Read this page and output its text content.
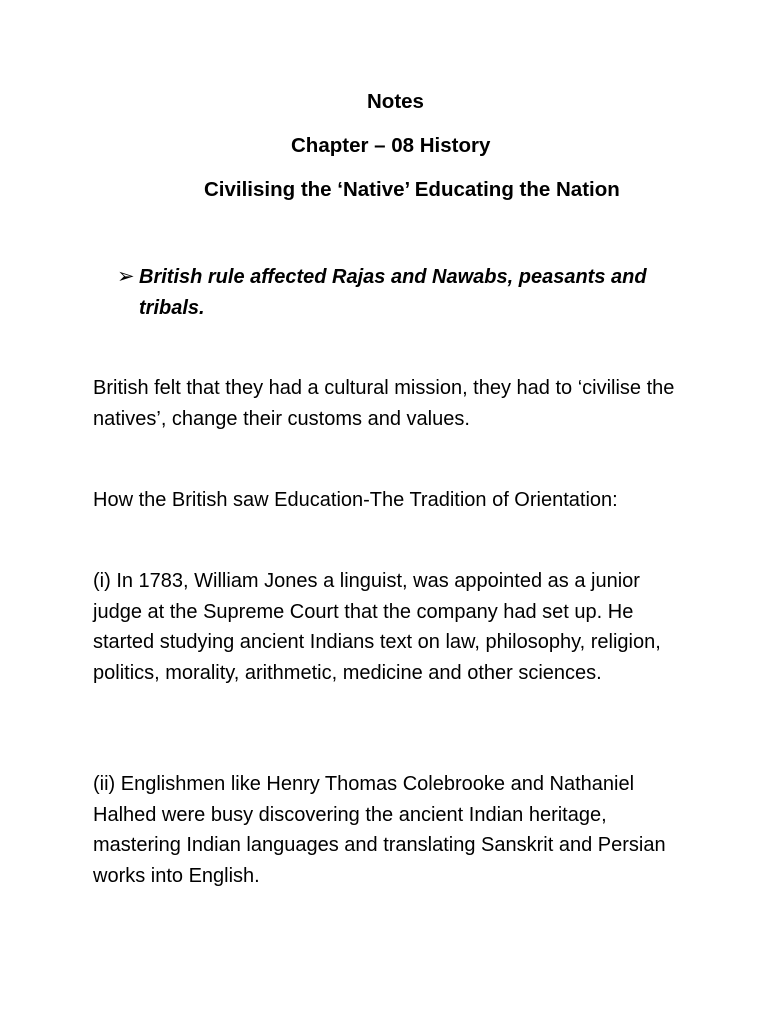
Notes
Chapter – 08 History
Civilising the ‘Native’ Educating the Nation
➢ British rule affected Rajas and Nawabs, peasants and tribals.

British felt that they had a cultural mission, they had to ‘civilise the natives’, change their customs and values.

How the British saw Education-The Tradition of Orientation:

(i) In 1783, William Jones a linguist, was appointed as a junior judge at the Supreme Court that the company had set up. He started studying ancient Indians text on law, philosophy, religion, politics, morality, arithmetic, medicine and other sciences.

(ii) Englishmen like Henry Thomas Colebrooke and Nathaniel Halhed were busy discovering the ancient Indian heritage, mastering Indian languages and translating Sanskrit and Persian works into English.
